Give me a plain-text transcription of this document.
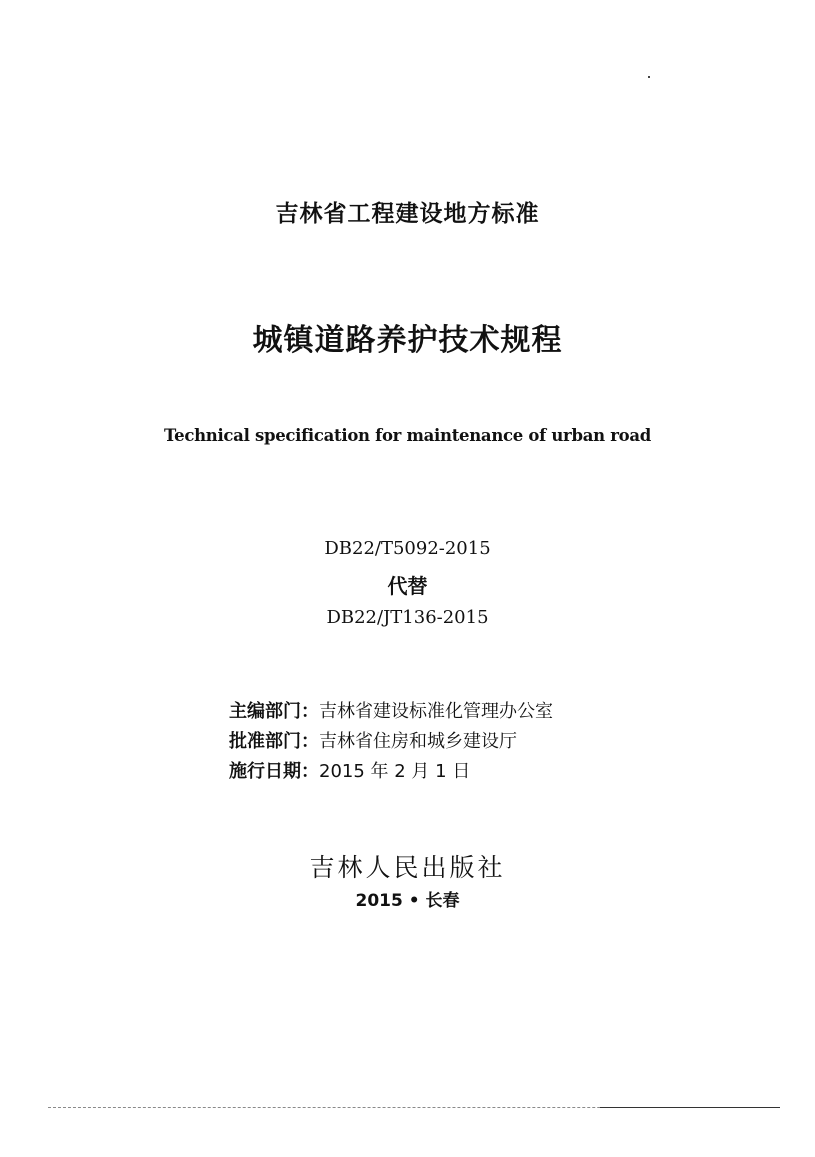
吉林省工程建设地方标准
城镇道路养护技术规程
Technical specification for maintenance of urban road
DB22/T5092-2015
代替
DB22/JT136-2015
主编部门：吉林省建设标准化管理办公室
批准部门：吉林省住房和城乡建设厅
施行日期：2015 年 2 月 1 日
吉林人民出版社
2015 • 长春
